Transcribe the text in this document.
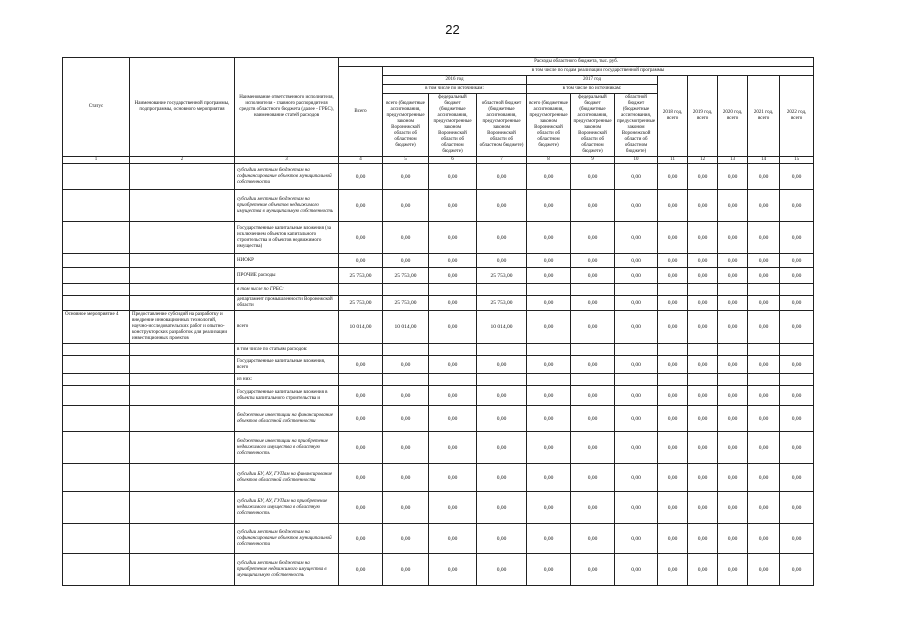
22
Статус	Наименование государственной программы, подпрограммы, основного мероприятия	Наименование ответственного исполнителя, исполнителя - главного распорядителя средств областного бюджета (далее - ГРБС), наименование статей расходов	Расходы областного бюджета, тыс. руб.											
			Всего	в том числе по годам реализации государственной программы										
				2016 год			2017 год			2018 год, всего	2019 год, всего	2020 год, всего	2021 год, всего	2022 год, всего
				в том числе по источникам:			в том числе по источникам:							
				всего (бюджетные ассигнования, предусмотренные законом Воронежской области об областном бюджете)	федеральный бюджет (бюджетные ассигнования, предусмотренные законом Воронежской области об областном бюджете)	областной бюджет (бюджетные ассигнования, предусмотренные законом Воронежской области об областном бюджете)	всего (бюджетные ассигнования, предусмотренные законом Воронежской области об областном бюджете)	федеральный бюджет (бюджетные ассигнования, предусмотренные законом Воронежской области об областном бюджете)	областной бюджет (бюджетные ассигнования, предусмотренные законом Воронежской области об областном бюджете)					
1	2	3	4	5	6	7	8	9	10	11	12	13	14	15
		субсидии местным бюджетам на софинансирование объектов муниципальной собственности	0,00	0,00	0,00	0,00	0,00	0,00	0,00	0,00	0,00	0,00	0,00	0,00
		субсидии местным бюджетам на приобретение объектов недвижимого имущества в муниципальную собственность	0,00	0,00	0,00	0,00	0,00	0,00	0,00	0,00	0,00	0,00	0,00	0,00
		Государственные капитальные вложения (за исключением объектов капитального строительства и объектов недвижимого имущества)	0,00	0,00	0,00	0,00	0,00	0,00	0,00	0,00	0,00	0,00	0,00	0,00
		НИОКР	0,00	0,00	0,00	0,00	0,00	0,00	0,00	0,00	0,00	0,00	0,00	0,00
		ПРОЧИЕ расходы	25 753,00	25 753,00	0,00	25 753,00	0,00	0,00	0,00	0,00	0,00	0,00	0,00	0,00
		в том числе по ГРБС:												
		департамент промышленности Воронежской области	25 753,00	25 753,00	0,00	25 753,00	0,00	0,00	0,00	0,00	0,00	0,00	0,00	0,00
Основное мероприятие 4	Предоставление субсидий на разработку и внедрение инновационных технологий, научно-исследовательских работ и опытно-конструкторских разработок для реализации инвестиционных проектов	всего	10 014,00	10 014,00	0,00	10 014,00	0,00	0,00	0,00	0,00	0,00	0,00	0,00	0,00
		в том числе по статьям расходов:												
		Государственные капитальные вложения, всего	0,00	0,00	0,00	0,00	0,00	0,00	0,00	0,00	0,00	0,00	0,00	0,00
		из них:												
		Государственные капитальные вложения в объекты капитального строительства и	0,00	0,00	0,00	0,00	0,00	0,00	0,00	0,00	0,00	0,00	0,00	0,00
		бюджетные инвестиции на финансирование объектов областной собственности	0,00	0,00	0,00	0,00	0,00	0,00	0,00	0,00	0,00	0,00	0,00	0,00
		бюджетные инвестиции на приобретение недвижимого имущества в областную собственность	0,00	0,00	0,00	0,00	0,00	0,00	0,00	0,00	0,00	0,00	0,00	0,00
		субсидии БУ, АУ, ГУПам на финансирование объектов областной собственности	0,00	0,00	0,00	0,00	0,00	0,00	0,00	0,00	0,00	0,00	0,00	0,00
		субсидии БУ, АУ, ГУПам на приобретение недвижимого имущества в областную собственность	0,00	0,00	0,00	0,00	0,00	0,00	0,00	0,00	0,00	0,00	0,00	0,00
		субсидии местным бюджетам на софинансирование объектов муниципальной собственности	0,00	0,00	0,00	0,00	0,00	0,00	0,00	0,00	0,00	0,00	0,00	0,00
		субсидии местным бюджетам на приобретение недвижимого имущества в муниципальную собственность	0,00	0,00	0,00	0,00	0,00	0,00	0,00	0,00	0,00	0,00	0,00	0,00
